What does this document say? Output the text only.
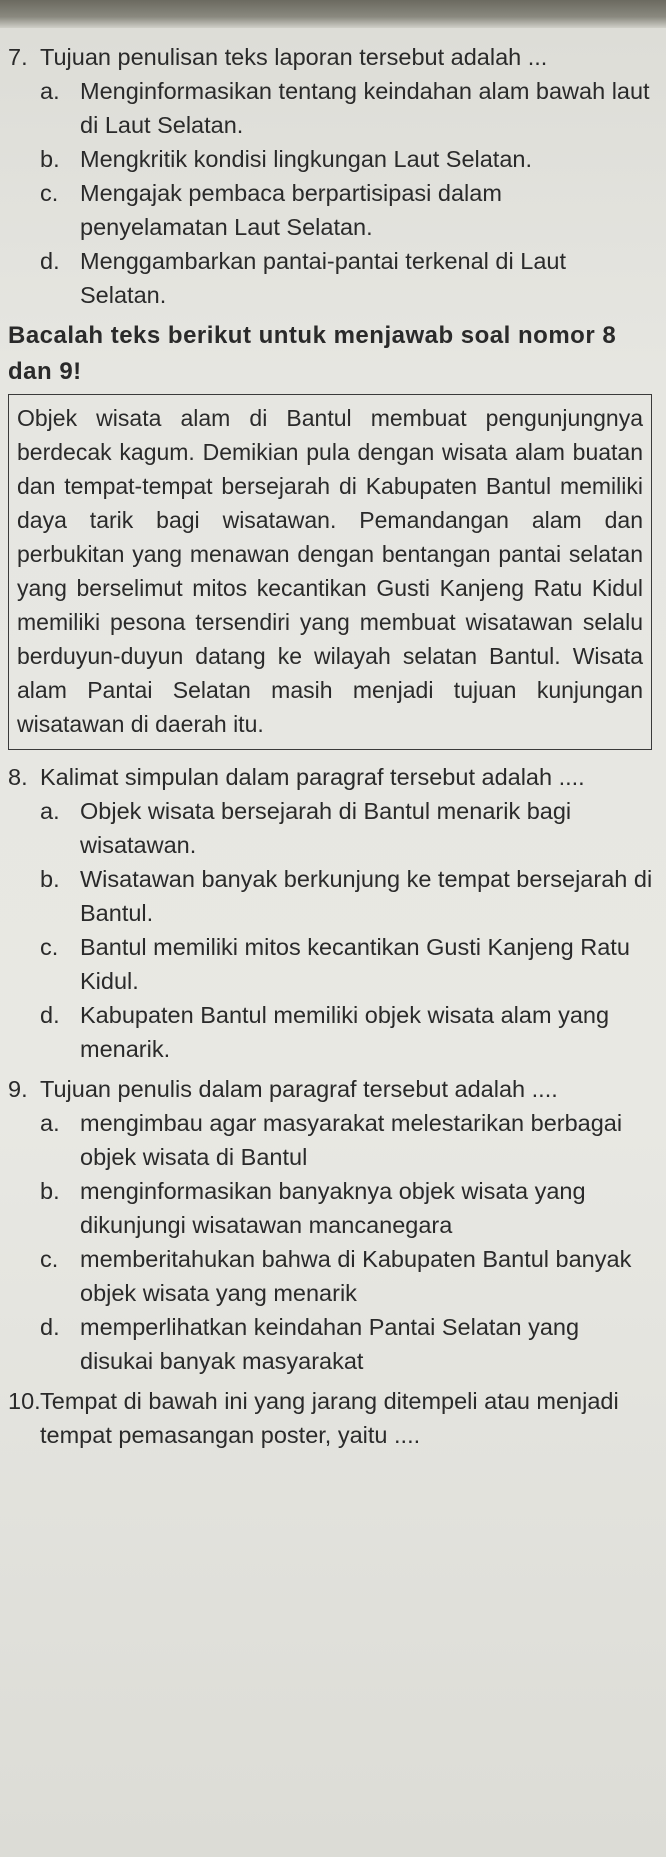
7. Tujuan penulisan teks laporan tersebut adalah ...
a. Menginformasikan tentang keindahan alam bawah laut di Laut Selatan.
b. Mengkritik kondisi lingkungan Laut Selatan.
c. Mengajak pembaca berpartisipasi dalam penyelamatan Laut Selatan.
d. Menggambarkan pantai-pantai terkenal di Laut Selatan.
Bacalah teks berikut untuk menjawab soal nomor 8 dan 9!
Objek wisata alam di Bantul membuat pengunjungnya berdecak kagum. Demikian pula dengan wisata alam buatan dan tempat-tempat bersejarah di Kabupaten Bantul memiliki daya tarik bagi wisatawan. Pemandangan alam dan perbukitan yang menawan dengan bentangan pantai selatan yang berselimut mitos kecantikan Gusti Kanjeng Ratu Kidul memiliki pesona tersendiri yang membuat wisatawan selalu berduyun-duyun datang ke wilayah selatan Bantul. Wisata alam Pantai Selatan masih menjadi tujuan kunjungan wisatawan di daerah itu.
8. Kalimat simpulan dalam paragraf tersebut adalah ....
a. Objek wisata bersejarah di Bantul menarik bagi wisatawan.
b. Wisatawan banyak berkunjung ke tempat bersejarah di Bantul.
c. Bantul memiliki mitos kecantikan Gusti Kanjeng Ratu Kidul.
d. Kabupaten Bantul memiliki objek wisata alam yang menarik.
9. Tujuan penulis dalam paragraf tersebut adalah ....
a. mengimbau agar masyarakat melestarikan berbagai objek wisata di Bantul
b. menginformasikan banyaknya objek wisata yang dikunjungi wisatawan mancanegara
c. memberitahukan bahwa di Kabupaten Bantul banyak objek wisata yang menarik
d. memperlihatkan keindahan Pantai Selatan yang disukai banyak masyarakat
10. Tempat di bawah ini yang jarang ditempeli atau menjadi tempat pemasangan poster, yaitu ....
